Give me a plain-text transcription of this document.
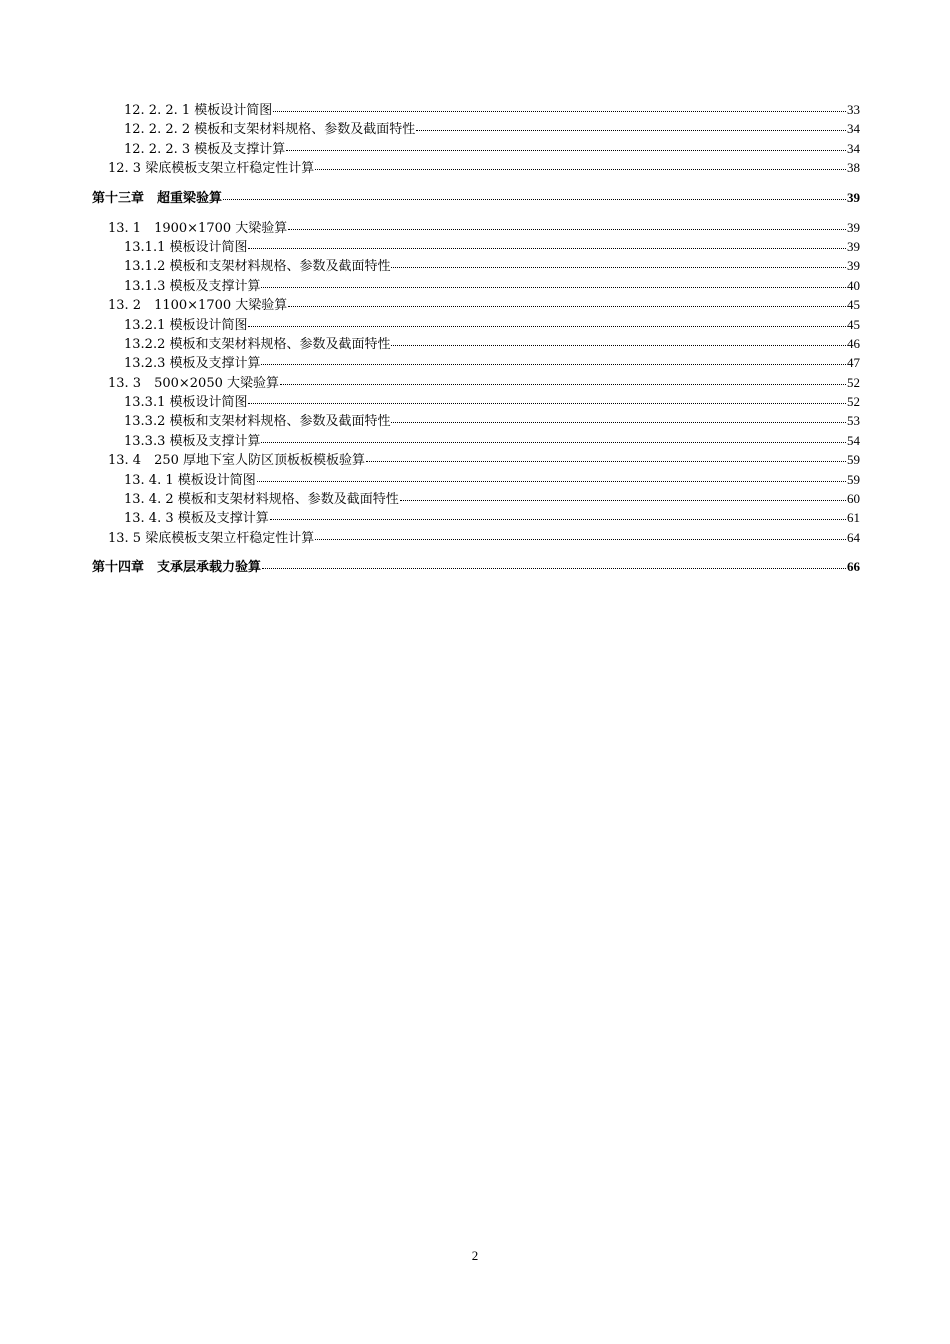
12. 2. 2. 1 模板设计简图	33
12. 2. 2. 2 模板和支架材料规格、参数及截面特性	34
12. 2. 2. 3 模板及支撑计算	34
12. 3 梁底模板支架立杆稳定性计算	38
第十三章　超重梁验算	39
13. 1　1900×1700 大梁验算	39
13.1.1 模板设计简图	39
13.1.2 模板和支架材料规格、参数及截面特性	39
13.1.3 模板及支撑计算	40
13. 2　1100×1700 大梁验算	45
13.2.1 模板设计简图	45
13.2.2 模板和支架材料规格、参数及截面特性	46
13.2.3 模板及支撑计算	47
13. 3　500×2050 大梁验算	52
13.3.1 模板设计简图	52
13.3.2 模板和支架材料规格、参数及截面特性	53
13.3.3 模板及支撑计算	54
13. 4　250 厚地下室人防区顶板板模板验算	59
13. 4. 1 模板设计简图	59
13. 4. 2 模板和支架材料规格、参数及截面特性	60
13. 4. 3 模板及支撑计算	61
13. 5 梁底模板支架立杆稳定性计算	64
第十四章　支承层承载力验算	66
2
